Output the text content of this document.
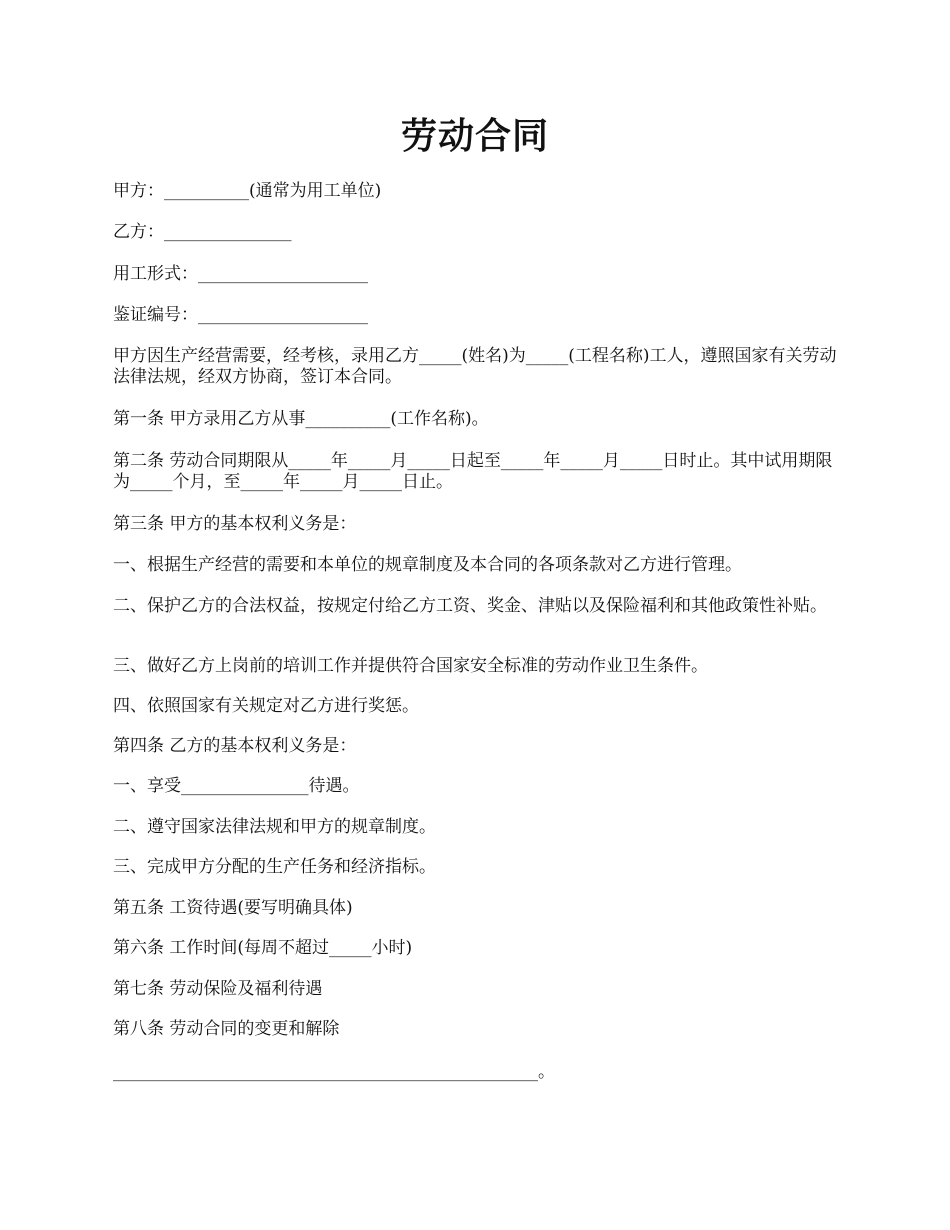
劳动合同

甲方：__________(通常为用工单位)

乙方：_______________

用工形式：____________________

鉴证编号：____________________

甲方因生产经营需要，经考核，录用乙方_____(姓名)为_____(工程名称)工人，遵照国家有关劳动法律法规，经双方协商，签订本合同。

第一条 甲方录用乙方从事__________(工作名称)。

第二条 劳动合同期限从_____年_____月_____日起至_____年_____月_____日时止。其中试用期限为_____个月，至_____年_____月_____日止。

第三条 甲方的基本权利义务是：

一、根据生产经营的需要和本单位的规章制度及本合同的各项条款对乙方进行管理。

二、保护乙方的合法权益，按规定付给乙方工资、奖金、津贴以及保险福利和其他政策性补贴。

三、做好乙方上岗前的培训工作并提供符合国家安全标准的劳动作业卫生条件。

四、依照国家有关规定对乙方进行奖惩。

第四条 乙方的基本权利义务是：

一、享受_______________待遇。

二、遵守国家法律法规和甲方的规章制度。

三、完成甲方分配的生产任务和经济指标。

第五条 工资待遇(要写明确具体)

第六条 工作时间(每周不超过_____小时)

第七条 劳动保险及福利待遇

第八条 劳动合同的变更和解除

__________________________________________________。
